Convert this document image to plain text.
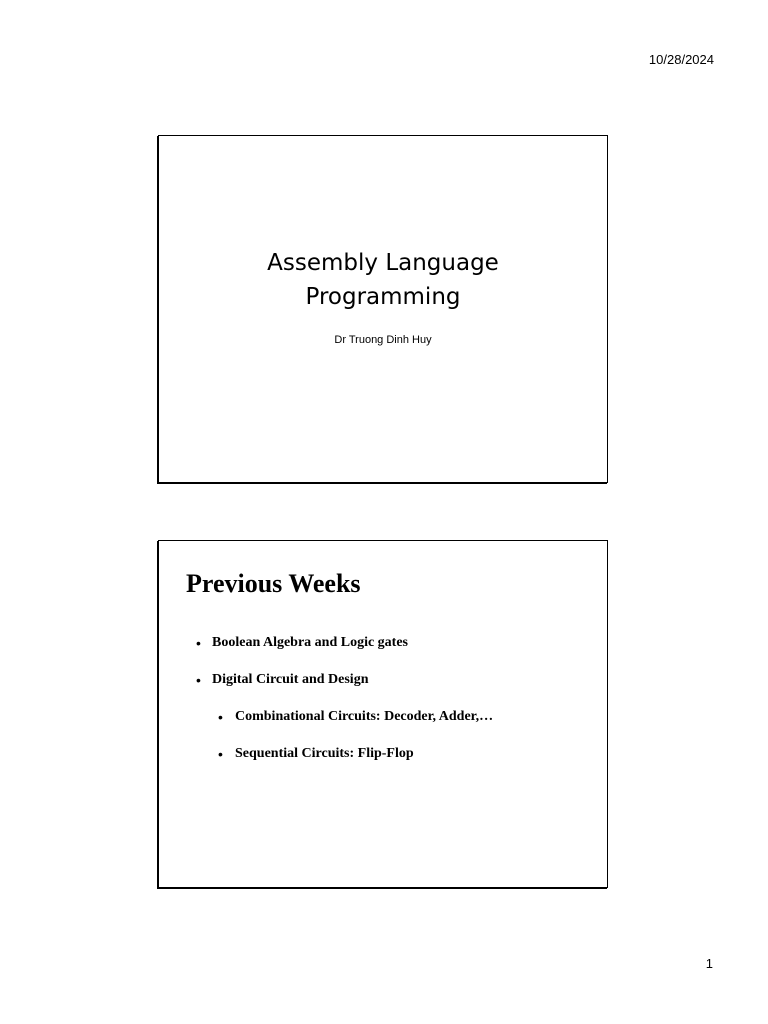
10/28/2024
Assembly Language
Programming
Dr Truong Dinh Huy
Previous Weeks
• Boolean Algebra and Logic gates
• Digital Circuit and Design
• Combinational Circuits: Decoder, Adder,…
• Sequential Circuits: Flip-Flop
1
